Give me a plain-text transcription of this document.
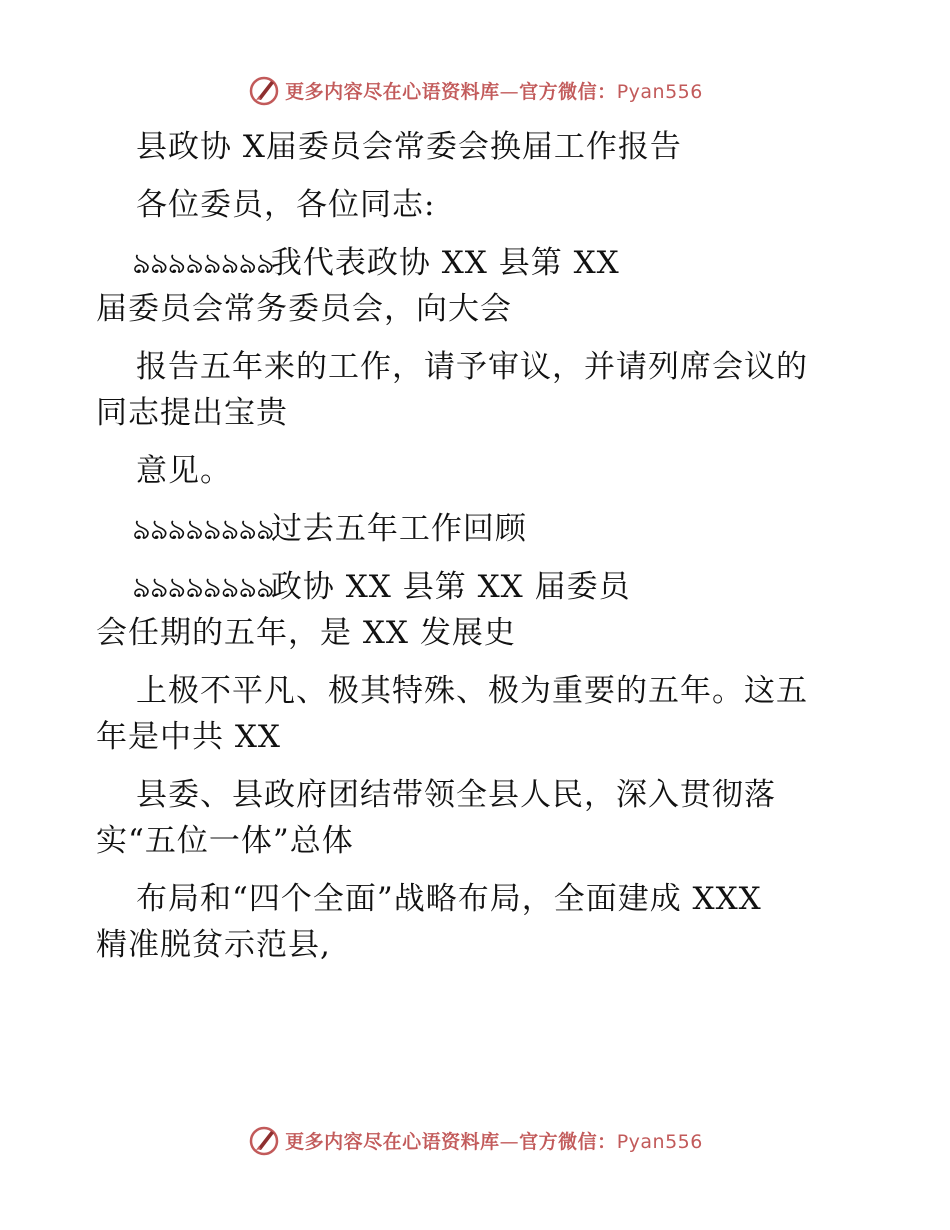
更多内容尽在心语资料库—官方微信：Pyan556
县政协 X届委员会常委会换届工作报告
各位委员，各位同志:
ঌঌঌঌঌঌঌঌ我代表政协 XX 县第 XX
届委员会常务委员会，向大会
报告五年来的工作，请予审议，并请列席会议的
同志提出宝贵
意见。
ঌঌঌঌঌঌঌঌ过去五年工作回顾
ঌঌঌঌঌঌঌঌ政协 XX 县第 XX 届委员
会任期的五年，是 XX 发展史
上极不平凡、极其特殊、极为重要的五年。这五
年是中共 XX
县委、县政府团结带领全县人民，深入贯彻落
实“五位一体”总体
布局和“四个全面”战略布局，全面建成 XXX
精准脱贫示范县,
更多内容尽在心语资料库—官方微信：Pyan556
